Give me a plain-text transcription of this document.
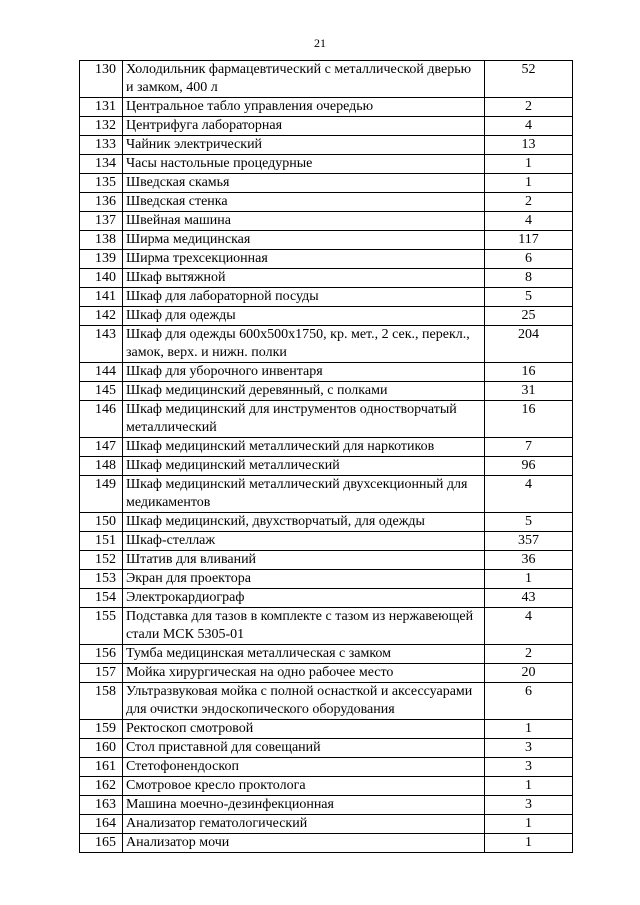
21
130	Холодильник фармацевтический с металлической дверью и замком, 400 л	52
131	Центральное табло управления очередью	2
132	Центрифуга лабораторная	4
133	Чайник электрический	13
134	Часы настольные процедурные	1
135	Шведская скамья	1
136	Шведская стенка	2
137	Швейная машина	4
138	Ширма медицинская	117
139	Ширма трехсекционная	6
140	Шкаф вытяжной	8
141	Шкаф для лабораторной посуды	5
142	Шкаф для одежды	25
143	Шкаф для одежды 600х500х1750, кр. мет., 2 сек., перекл., замок, верх. и нижн. полки	204
144	Шкаф для уборочного инвентаря	16
145	Шкаф медицинский деревянный, с полками	31
146	Шкаф медицинский для инструментов одностворчатый металлический	16
147	Шкаф медицинский металлический для наркотиков	7
148	Шкаф медицинский металлический	96
149	Шкаф медицинский металлический двухсекционный для медикаментов	4
150	Шкаф медицинский, двухстворчатый, для одежды	5
151	Шкаф-стеллаж	357
152	Штатив для вливаний	36
153	Экран для проектора	1
154	Электрокардиограф	43
155	Подставка для тазов в комплекте с тазом из нержавеющей стали МСК 5305-01	4
156	Тумба медицинская металлическая с замком	2
157	Мойка хирургическая на одно рабочее место	20
158	Ультразвуковая мойка с полной оснасткой и аксессуарами для очистки эндоскопического оборудования	6
159	Ректоскоп смотровой	1
160	Стол приставной для совещаний	3
161	Стетофонендоскоп	3
162	Смотровое кресло проктолога	1
163	Машина моечно-дезинфекционная	3
164	Анализатор гематологический	1
165	Анализатор мочи	1
